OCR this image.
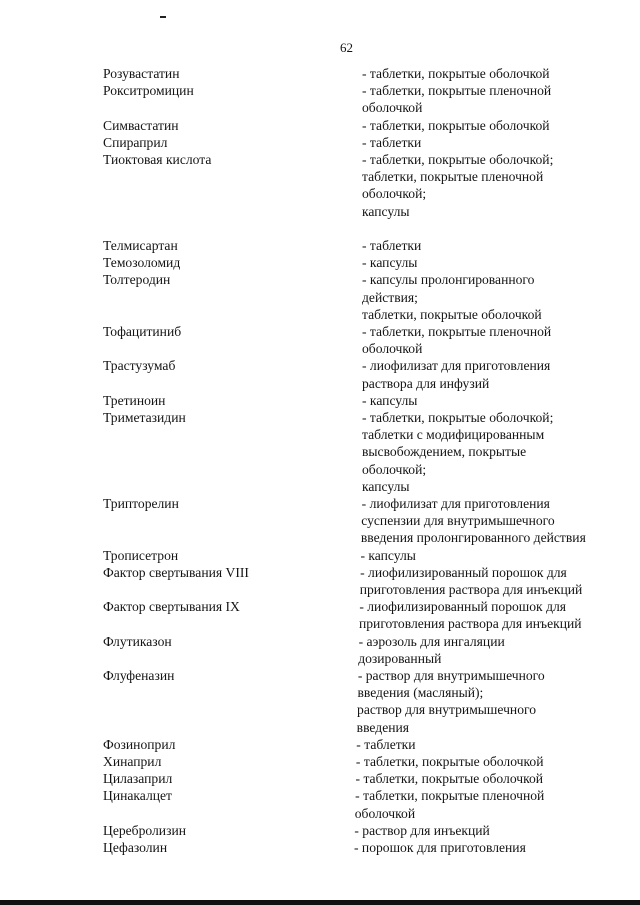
62
Розувастатин	- таблетки, покрытые оболочкой
Рокситромицин	- таблетки, покрытые пленочной
оболочкой
Симвастатин	- таблетки, покрытые оболочкой
Спираприл	- таблетки
Тиоктовая кислота	- таблетки, покрытые оболочкой;
таблетки, покрытые пленочной
оболочкой;
капсулы
Телмисартан	- таблетки
Темозоломид	- капсулы
Толтеродин	- капсулы пролонгированного
действия;
таблетки, покрытые оболочкой
Тофацитиниб	- таблетки, покрытые пленочной
оболочкой
Трастузумаб	- лиофилизат для приготовления
раствора для инфузий
Третиноин	- капсулы
Триметазидин	- таблетки, покрытые оболочкой;
таблетки с модифицированным
высвобождением, покрытые
оболочкой;
капсулы
Трипторелин	- лиофилизат для приготовления
суспензии для внутримышечного
введения пролонгированного действия
Трописетрон	- капсулы
Фактор свертывания VIII	- лиофилизированный порошок для
приготовления раствора для инъекций
Фактор свертывания IX	- лиофилизированный порошок для
приготовления раствора для инъекций
Флутиказон	- аэрозоль для ингаляции
дозированный
Флуфеназин	- раствор для внутримышечного
введения (масляный);
раствор для внутримышечного
введения
Фозиноприл	- таблетки
Хинаприл	- таблетки, покрытые оболочкой
Цилазаприл	- таблетки, покрытые оболочкой
Цинакалцет	- таблетки, покрытые пленочной
оболочкой
Церебролизин	- раствор для инъекций
Цефазолин	- порошок для приготовления
